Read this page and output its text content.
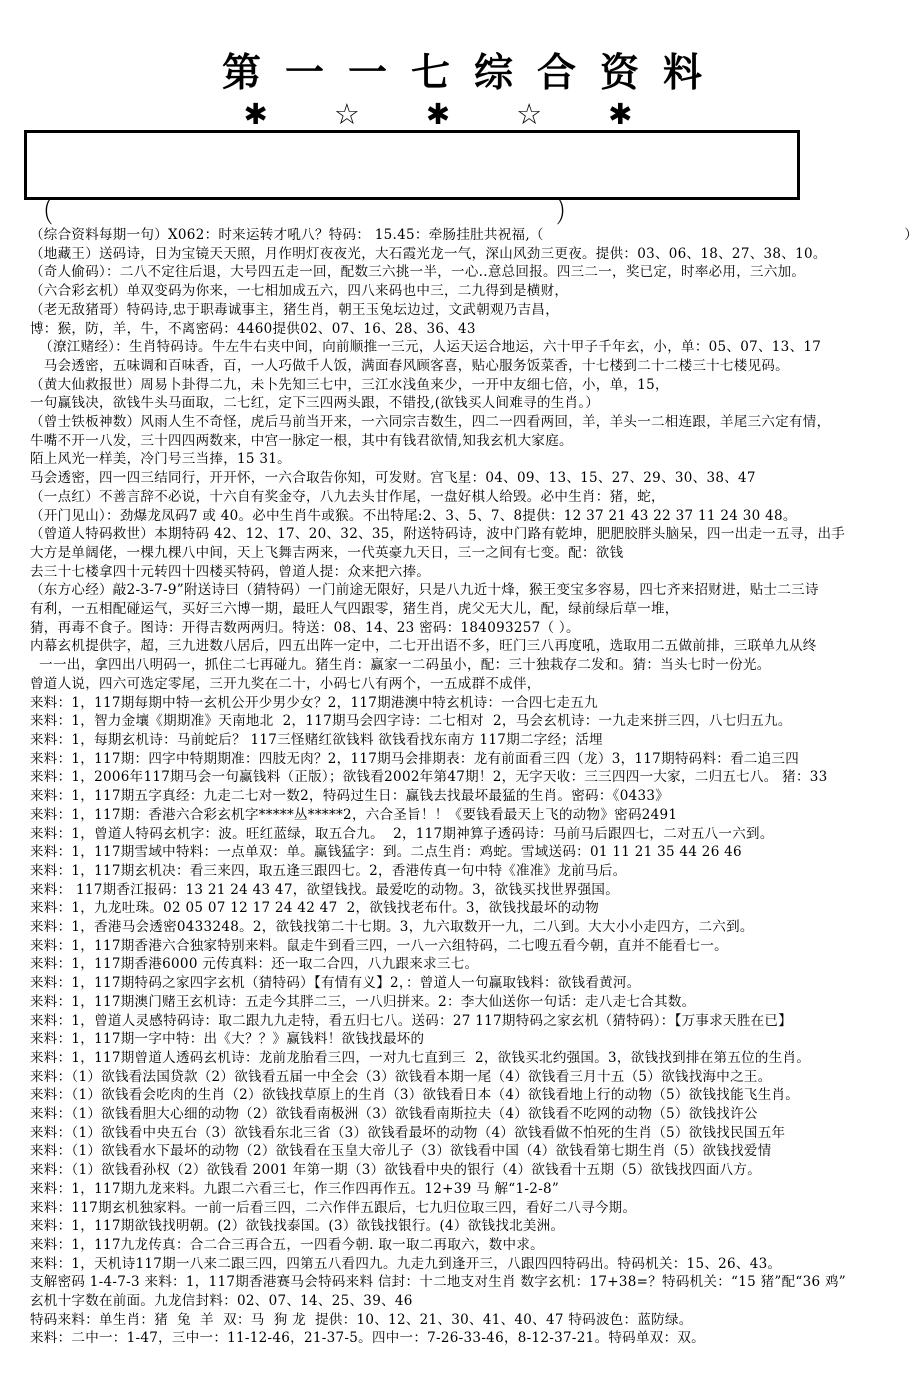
第一一七综合资料
✱☆✱☆✱
（	）

（综合资料每期一句）X062：时来运转才吼八？特码： 15.45：牵肠挂肚共祝福,（	）

（地藏王）送码诗，日为宝镜天天照，月作明灯夜夜光，大石霞光龙一气，深山风劲三更夜。提供：03、06、18、27、38、10。

（奇人偷码）：二八不定往后退，大号四五走一回，配数三六挑一半，一心..意总回报。四三二一，奖已定，时率必用，三六加。

（六合彩玄机）单双变码为你来，一七相加成五六，四八来码也中三，二九得到是横财，

（老无敌猪哥）特码诗,忠于职毒诚事主，猪生肖，朝王玉兔坛边过，文武朝观乃吉昌，

博：猴，防，羊，牛，不离密码：4460提供02、07、16、28、36、43

（潦江赌经）：生肖特码诗。牛左牛右夹中间，向前顺推一三元，人运天运合地运，六十甲子千年玄，小，单：05、07、13、17

马会透密，五味调和百味香，百，一人巧做千人饭，满面春风顾客喜，贴心服务饭菜香，十七楼到二十二楼三十七楼见码。

（黄大仙救报世）周易卜卦得二九，未卜先知三七中，三江水浅鱼来少，一开中友细七倍，小，单，15，

一句赢钱决，欲钱牛头马面取，二七红，定下三四两头跟，不错投,(欲钱买人间难寻的生肖。）

（曾士铁板神数）风雨人生不奇怪，虎后马前当开来，一六同宗吉数生，四二一四看两回，羊，羊头一二相连跟，羊尾三六定有情，

牛嘴不开一八发，三十四四两数来，中宫一脉定一根，其中有钱君欲情,知我玄机大家庭。

陌上风光一样美，冷门号三当捧，15 31。

马会透密，四一四三结同行，开开怀，一六合取告你知，可发财。宫飞星：04、09、13、15、27、29、30、38、47

（一点红）不善言辞不必说，十六自有奖金夺，八九去头甘作尾，一盘好棋人给毁。必中生肖：猪，蛇，

（开门见山）：劲爆龙凤码7 或 40。必中生肖牛或猴。不出特尾:2、3、5、7、8提供：12 37 21 43 22 37 11 24 30 48。

（曾道人特码救世）本期特码 42、12、17、20、32、35，附送特码诗，波中门路有乾坤，肥肥胶胖头脑呆，四一出走一五寻，出手

大方是单阔佬，一棵九棵八中间，天上飞舞吉两来，一代英豪九天日，三一之间有七变。配：欲钱

去三十七楼拿四十元转四十四楼买特码，曾道人提：众来把六捧。

（东方心经）敲2-3-7-9”附送诗曰（猜特码）一门前途无限好，只是八九近十烽，猴王变宝多容易，四七齐来招财进，贴士二三诗

有利，一五相配碰运气，买好三六博一期，最旺人气四跟零，猪生肖，虎父无大儿，配，绿前绿后草一堆，

猜，再毒不食子。图诗：开得吉数两两归。特送：08、14、23 密码：184093257（ ）。

内幕玄机提供字，超，三九进数八居后，四五出阵一定中，二七开出语不多，旺门三八再度吼，选取用二五做前排，三联单九从终

一一出，拿四出八明码一，抓住二七再碰九。猪生肖：赢家一二码虽小，配：三十独栽存二发和。猜：当头七时一份光。

曾道人说，四六可选定零尾，三开九奖在二十，小码七八有两个，一五成群不成伴，

来料：1，117期每期中特一玄机公开少男少女？2，117期港澳中特玄机诗：一合四七走五九

来料：1，智力金壤《期期准》天南地北  2，117期马会四字诗：二七相对  2，马会玄机诗：一九走来拼三四，八七归五九。

来料：1，每期玄机诗：马前蛇后？ 117三怪赌红欲钱料 欲钱看找东南方 117期二字经；活埋

来料：1，117期：四字中特期期准：四肢无肉？2，117期马会排期表：龙有前面看三四（龙）3，117期特码料：看二追三四

来料：1，2006年117期马会一句赢钱料（正版）；欲钱看2002年第47期！2，无字天收：三三四四一大家，二归五七八。 猪：33

来料：1，117期五字真经：九走二七对一数2，特码过生日：赢钱去找最坏最猛的生肖。密码：《0433》

来料：1，117期：香港六合彩玄机字*****丛*****2，六合圣旨！！《要钱看最天上飞的动物》密码2491

来料：1，曾道人特码玄机字：波。旺红蓝绿，取五合九。  2，117期神算子透码诗：马前马后跟四七，二对五八一六到。

来料：1，117期雪域中特料：一点单双：单。赢钱猛字：到。二点生肖：鸡蛇。雪域送码：01 11 21 35 44 26 46

来料：1，117期玄机决：看三来四，取五逢三跟四七。2，香港传真一句中特《准准》龙前马后。

来料： 117期香江报码：13 21 24 43 47，欲望钱找。最爱吃的动物。3，欲钱买找世界强国。

来料：1，九龙吐珠。02 05 07 12 17 24 42 47  2，欲钱找老布什。3，欲钱找最坏的动物

来料：1，香港马会透密0433248。2，欲钱找第二十七期。3，九六取数开一九，二八到。大大小小走四方，二六到。

来料：1，117期香港六合独家特别来料。鼠走牛到看三四，一八一六组特码，二七嗖五看今朝，直并不能看七一。

来料：1，117期香港6000 元传真料：还一取二合四，八九跟来求三七。

来料：1，117期特码之家四字玄机（猜特码）【有情有义】2，：曾道人一句赢取钱料：欲钱看黄河。

来料：1，117期澳门赌王玄机诗：五走今其胖二三，一八归拼来。2：李大仙送你一句话：走八走七合其数。

来料：1，曾道人灵感特码诗：取二跟九九走特，看五归七八。送码：27 117期特码之家玄机（猜特码）：【万事求天胜在已】

来料：1，117期一字中特：出《大？？》赢钱料！欲钱找最坏的

来料：1，117期曾道人透码玄机诗：龙前龙胎看三四，一对九七直到三  2，欲钱买北约强国。3，欲钱找到排在第五位的生肖。

来料：（1）欲钱看法国贷款（2）欲钱看五届一中全会（3）欲钱看本期一尾（4）欲钱看三月十五（5）欲钱找海中之王。

来料：（1）欲钱看会吃肉的生肖（2）欲钱找草原上的生肖（3）欲钱看日本（4）欲钱看地上行的动物（5）欲钱找能飞生肖。

来料：（1）欲钱看胆大心细的动物（2）欲钱看南极洲（3）欲钱看南斯拉夫（4）欲钱看不吃网的动物（5）欲钱找许公

来料：（1）欲钱看中央五台（3）欲钱看东北三省（3）欲钱看最坏的动物（4）欲钱看做不怕死的生肖（5）欲钱找民国五年

来料：（1）欲钱看水下最坏的动物（2）欲钱看在玉皇大帝儿子（3）欲钱看中国（4）欲钱看第七期生肖（5）欲钱找爱情

来料：（1）欲钱看孙权（2）欲钱看 2001 年第一期（3）欲钱看中央的银行（4）欲钱看十五期（5）欲钱找四面八方。

来料：1，117期九龙来料。九跟二六看三七，作三作四再作五。12+39 马 解“1-2-8”

来料：117期玄机独家料。一前一后看三四，二六作伴五跟后，七九归位取三四，看好二八寻今期。

来料：1，117期欲钱找明朝。(2）欲钱找泰国。(3）欲钱找银行。(4）欲钱找北美洲。

来料：1，117九龙传真：合二合三再合五，一四看今朝. 取一取二再取六，数中求。

来料：1，天机诗117期一八来二跟三四，四第五八看四九。九走九到逢开三，八跟四四特码出。特码机关：15、26、43。

支解密码 1-4-7-3 来料：1，117期香港赛马会特码来料 信封：十二地支对生肖 数字玄机：17+38=？特码机关：“15 猪”配“36 鸡”

玄机十字数在前面。九龙信封料：02、07、14、25、39、46

特码来料：单生肖：猪  兔  羊  双：马  狗 龙  提供：10、12、21、30、41、40、47 特码波色：蓝防绿。

来料：二中一：1-47，三中一：11-12-46，21-37-5。四中一：7-26-33-46，8-12-37-21。特码单双：双。
